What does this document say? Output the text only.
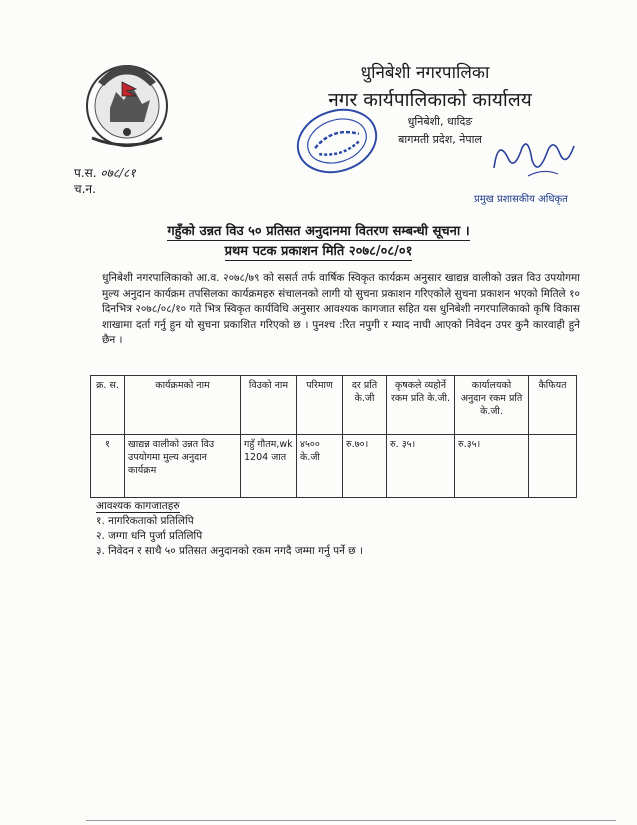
धुनिबेशी नगरपालिका
नगर कार्यपालिकाको कार्यालय
धुनिबेशी, धादिङ
बागमती प्रदेश, नेपाल
प.स. ०७८/८१
च.न.
प्रमुख प्रशासकीय अधिकृत
गहुँको उन्नत विउ ५० प्रतिसत अनुदानमा वितरण सम्बन्धी सूचना ।
प्रथम पटक प्रकाशन मिति २०७८/०८/०१
धुनिबेशी नगरपालिकाको आ.व. २०७८/७९ को ससर्त तर्फ वार्षिक स्विकृत कार्यक्रम अनुसार खाद्यन्न वालीको उन्नत विउ उपयोगमा मुल्य अनुदान कार्यक्रम तपसिलका कार्यक्रमहरु संचालनको लागी यो सुचना प्रकाशन गरिएकोले सुचना प्रकाशन भएको मितिले १० दिनभित्र २०७८/०८/१० गते भित्र स्विकृत कार्यविधि अनुसार आवश्यक कागजात सहित यस धुनिबेशी नगरपालिकाको कृषि विकास शाखामा दर्ता गर्नु हुन यो सुचना प्रकाशित गरिएको छ । पुनश्च :रित नपुगी र म्याद नाघी आएको निवेदन उपर कुनै कारवाही हुने छैन ।
क्र. स.	कार्यक्रमको नाम	विउको नाम	परिमाण	दर प्रति के.जी	कृषकले व्यहोर्ने रकम प्रति के.जी.	कार्यालयको अनुदान रकम प्रति के.जी.	कैफियत
१	खाद्यन्न वालीको उन्नत विउ उपयोगमा मुल्य अनुदान कार्यक्रम	गहुँ गौतम,wk 1204 जात	४५०० के.जी	रु.७०।	रु. ३५।	रु.३५।	
आवश्यक कागजातहरु
१. नागरिकताको प्रतिलिपि
२. जग्गा धनि पुर्जा प्रतिलिपि
३. निवेदन र साथै ५० प्रतिसत अनुदानको रकम नगदै जम्मा गर्नु पर्ने छ ।
